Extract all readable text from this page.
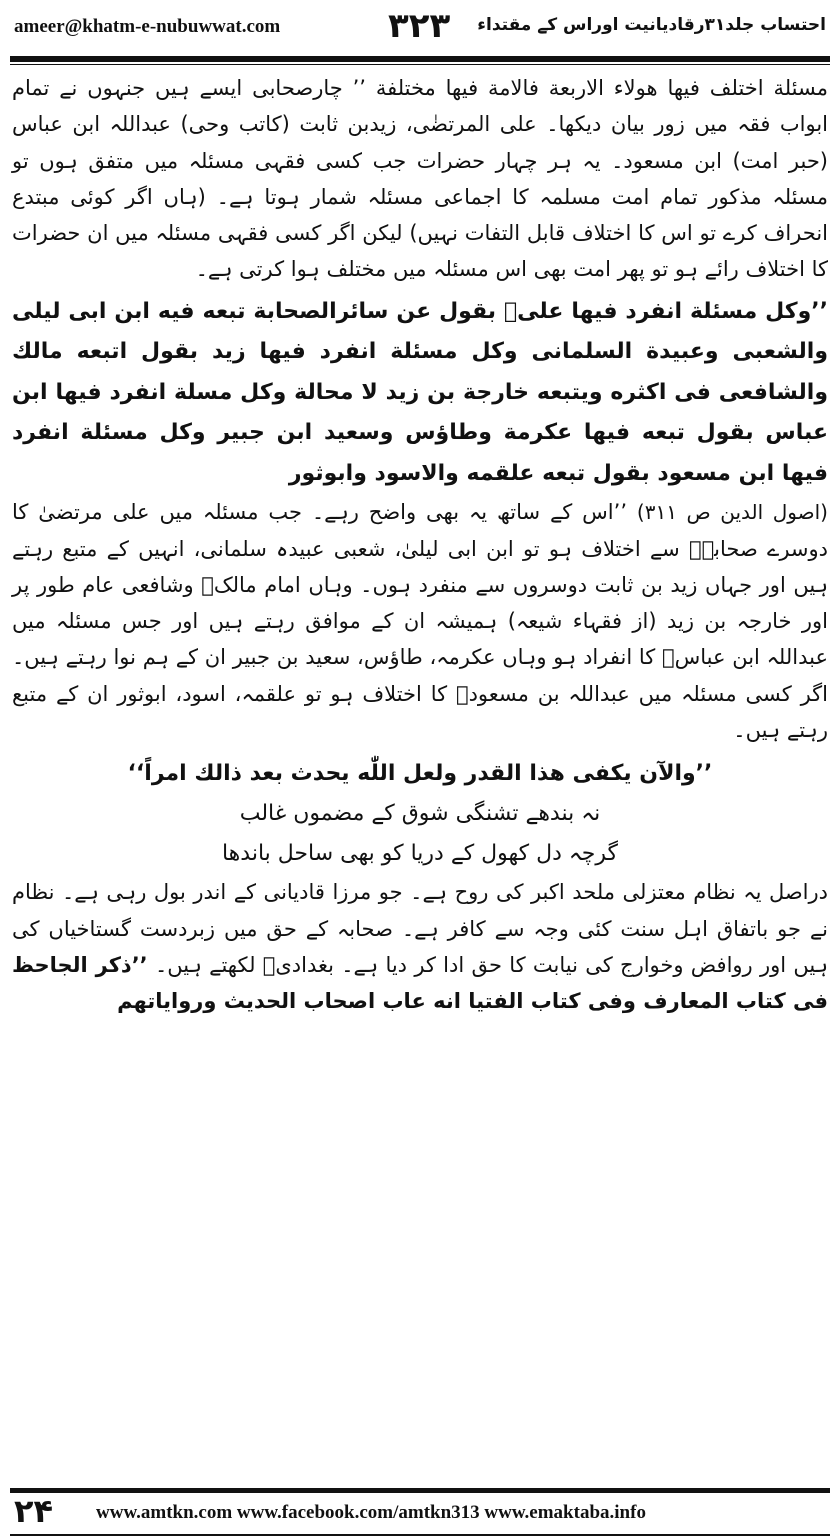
ameer@khatm-e-nubuwwat.com	۳۲۳ احتساب جلد۳۱رقادیانیت اوراس کے مقتداء

مسئلة اختلف فیھا ھولاء الاربعة فالامة فیھا مختلفة ’’ چارصحابی ایسے ہیں جنہوں نے تمام ابواب فقہ میں زور بیان دیکھا۔ علی المرتضٰی، زیدبن ثابت (کاتب وحی) عبداللہ ابن عباس (حبر امت) ابن مسعود۔ یہ ہر چہار حضرات جب کسی فقہی مسئلہ میں متفق ہوں تو مسئلہ مذکور تمام امت مسلمہ کا اجماعی مسئلہ شمار ہوتا ہے۔ (ہاں اگر کوئی مبتدع انحراف کرے تو اس کا اختلاف قابل التفات نہیں) لیکن اگر کسی فقہی مسئلہ میں ان حضرات کا اختلاف رائے ہو تو پھر امت بھی اس مسئلہ میں مختلف ہوا کرتی ہے۔

’’وکل مسئلة انفرد فیھا علیؓ بقول عن سائرالصحابة تبعه فیه ابن ابی لیلی والشعبی وعبیدة السلمانی وکل مسئلة انفرد فیھا زید بقول اتبعه مالك والشافعی فی اکثره ویتبعه خارجة بن زید لا محالة وکل مسلة انفرد فیھا ابن عباس بقول تبعه فیھا عکرمة وطاؤس وسعید ابن جبیر وکل مسئلة انفرد فیھا ابن مسعود بقول تبعه علقمه والاسود وابوثور

(اصول الدین ص ۳۱۱) ’’اس کے ساتھ یہ بھی واضح رہے۔ جب مسئلہ میں علی مرتضیٰ کا دوسرے صحابہؓ سے اختلاف ہو تو ابن ابی لیلیٰ، شعبی عبیدہ سلمانی، انہیں کے متبع رہتے ہیں اور جہاں زید بن ثابت دوسروں سے منفرد ہوں۔ وہاں امام مالکؒ وشافعی عام طور پر اور خارجہ بن زید (از فقہاء شیعہ) ہمیشہ ان کے موافق رہتے ہیں اور جس مسئلہ میں عبداللہ ابن عباسؓ کا انفراد ہو وہاں عکرمہ، طاؤس، سعید بن جبیر ان کے ہم نوا رہتے ہیں۔ اگر کسی مسئلہ میں عبداللہ بن مسعودؓ کا اختلاف ہو تو علقمہ، اسود، ابوثور ان کے متبع رہتے ہیں۔

’’والآن یکفی ھذا القدر ولعل اللّٰه یحدث بعد ذالك امراً‘‘

نہ بندھے تشنگی شوق کے مضموں غالب

گرچہ دل کھول کے دریا کو بھی ساحل باندھا

دراصل یہ نظام معتزلی ملحد اکبر کی روح ہے۔ جو مرزا قادیانی کے اندر بول رہی ہے۔ نظام نے جو باتفاق اہل سنت کئی وجہ سے کافر ہے۔ صحابہ کے حق میں زبردست گستاخیاں کی ہیں اور روافض وخوارج کی نیابت کا حق ادا کر دیا ہے۔ بغدادیؒ لکھتے ہیں۔ ’’ذکر الجاحظ فی کتاب المعارف وفی کتاب الفتیا انه عاب اصحاب الحدیث وروایاتھم

۲۴ www.amtkn.com www.facebook.com/amtkn313 www.emaktaba.info
